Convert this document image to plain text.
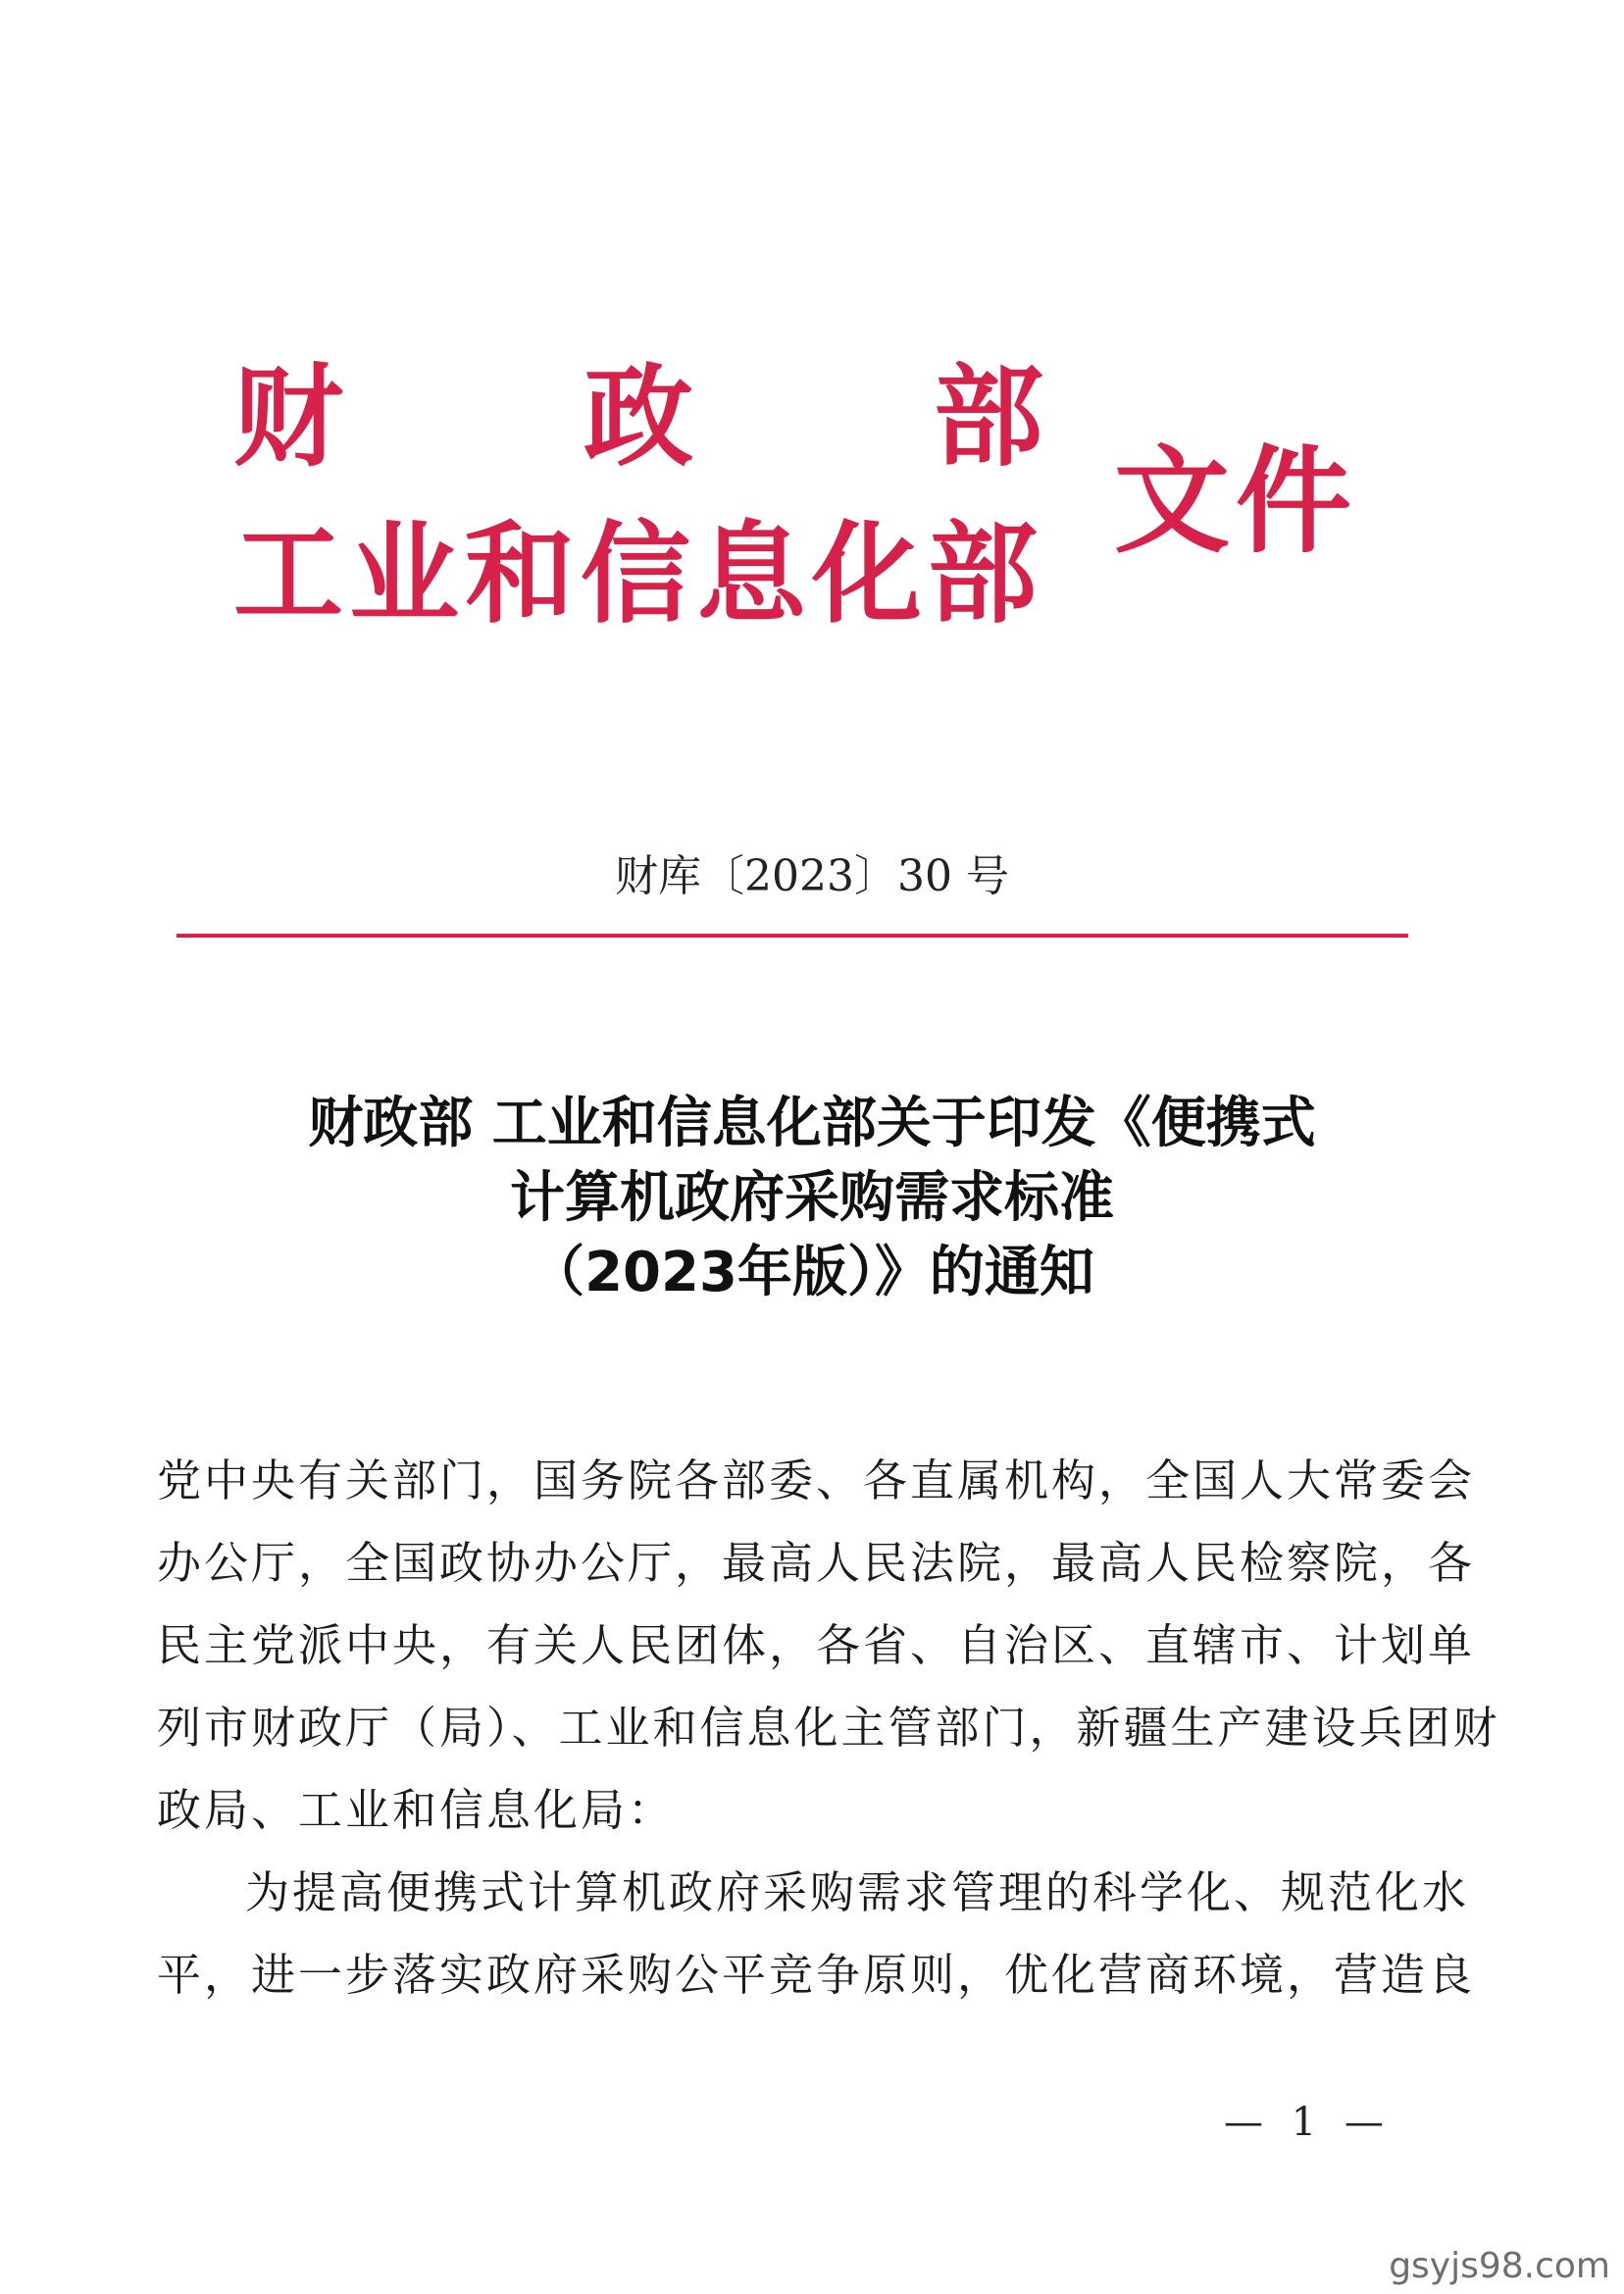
财 政 部
工业和信息化部
文件
财库〔2023〕30 号
财政部 工业和信息化部关于印发《便携式
计算机政府采购需求标准
（2023年版）》的通知
党中央有关部门，国务院各部委、各直属机构，全国人大常委会
办公厅，全国政协办公厅，最高人民法院，最高人民检察院，各
民主党派中央，有关人民团体，各省、自治区、直辖市、计划单
列市财政厅（局）、工业和信息化主管部门，新疆生产建设兵团财
政局、工业和信息化局：
为提高便携式计算机政府采购需求管理的科学化、规范化水
平，进一步落实政府采购公平竞争原则，优化营商环境，营造良
— 1 —
gsyjs98.com
